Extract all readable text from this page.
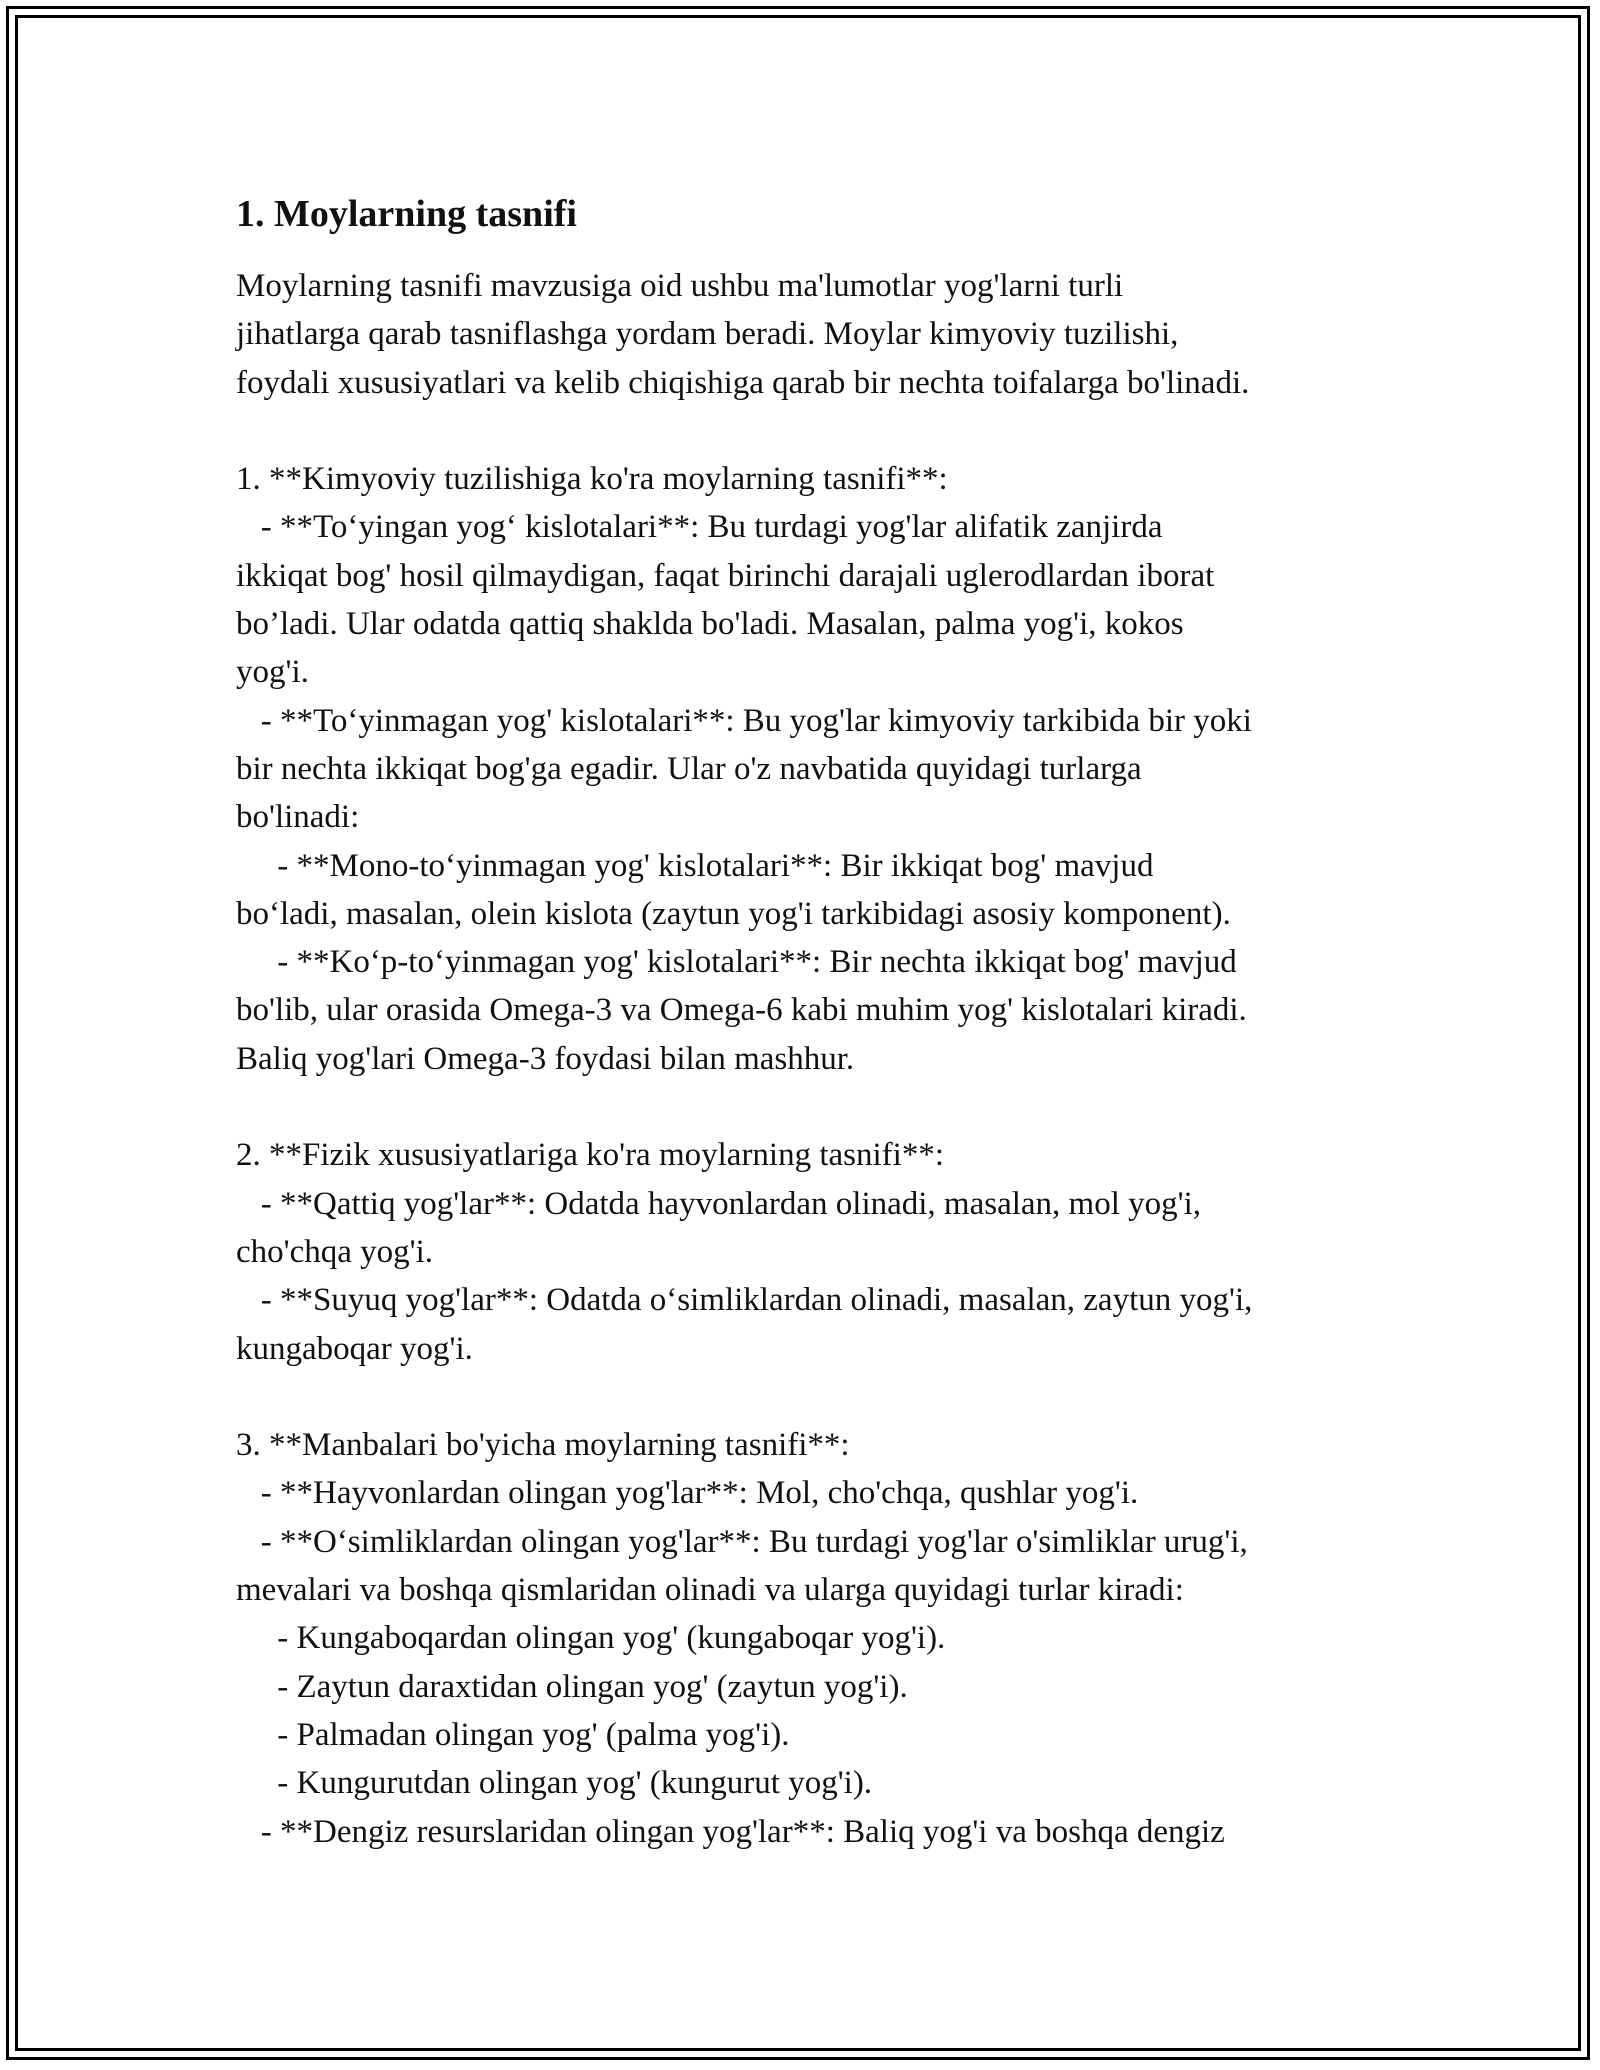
1. Moylarning tasnifi

Moylarning tasnifi mavzusiga oid ushbu ma'lumotlar yog'larni turli
jihatlarga qarab tasniflashga yordam beradi. Moylar kimyoviy tuzilishi,
foydali xususiyatlari va kelib chiqishiga qarab bir nechta toifalarga bo'linadi.

1. **Kimyoviy tuzilishiga ko'ra moylarning tasnifi**:
- **To‘yingan yog‘ kislotalari**: Bu turdagi yog'lar alifatik zanjirda
ikkiqat bog' hosil qilmaydigan, faqat birinchi darajali uglerodlardan iborat
bo’ladi. Ular odatda qattiq shaklda bo'ladi. Masalan, palma yog'i, kokos
yog'i.
- **To‘yinmagan yog' kislotalari**: Bu yog'lar kimyoviy tarkibida bir yoki
bir nechta ikkiqat bog'ga egadir. Ular o'z navbatida quyidagi turlarga
bo'linadi:
- **Mono-to‘yinmagan yog' kislotalari**: Bir ikkiqat bog' mavjud
bo‘ladi, masalan, olein kislota (zaytun yog'i tarkibidagi asosiy komponent).
- **Ko‘p-to‘yinmagan yog' kislotalari**: Bir nechta ikkiqat bog' mavjud
bo'lib, ular orasida Omega-3 va Omega-6 kabi muhim yog' kislotalari kiradi.
Baliq yog'lari Omega-3 foydasi bilan mashhur.

2. **Fizik xususiyatlariga ko'ra moylarning tasnifi**:
- **Qattiq yog'lar**: Odatda hayvonlardan olinadi, masalan, mol yog'i,
cho'chqa yog'i.
- **Suyuq yog'lar**: Odatda o‘simliklardan olinadi, masalan, zaytun yog'i,
kungaboqar yog'i.

3. **Manbalari bo'yicha moylarning tasnifi**:
- **Hayvonlardan olingan yog'lar**: Mol, cho'chqa, qushlar yog'i.
- **O‘simliklardan olingan yog'lar**: Bu turdagi yog'lar o'simliklar urug'i,
mevalari va boshqa qismlaridan olinadi va ularga quyidagi turlar kiradi:
- Kungaboqardan olingan yog' (kungaboqar yog'i).
- Zaytun daraxtidan olingan yog' (zaytun yog'i).
- Palmadan olingan yog' (palma yog'i).
- Kungurutdan olingan yog' (kungurut yog'i).
- **Dengiz resurslaridan olingan yog'lar**: Baliq yog'i va boshqa dengiz
